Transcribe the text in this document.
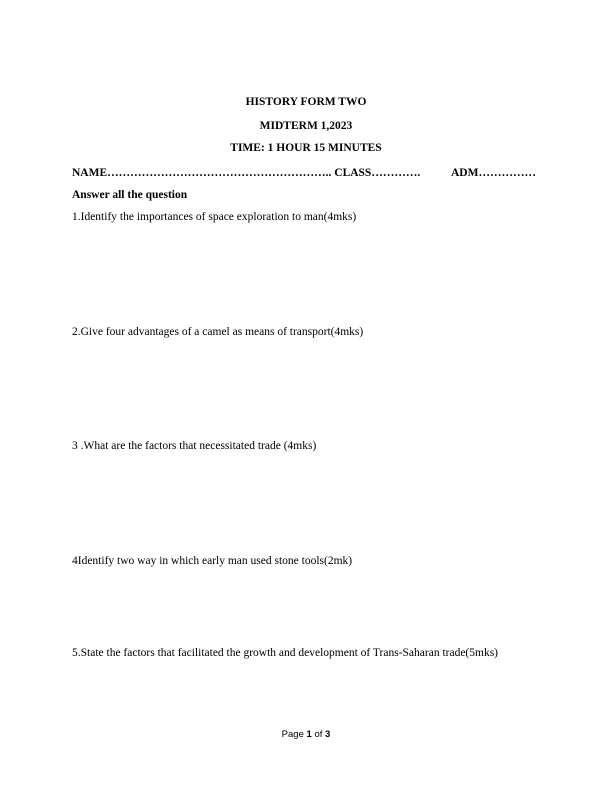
HISTORY FORM TWO
MIDTERM 1,2023
TIME: 1 HOUR 15 MINUTES
NAME………………………………………………….. CLASS………….	ADM……………
Answer all the question
1.Identify the importances of space exploration to man(4mks)
2.Give four advantages of a camel as means of transport(4mks)
3 .What are the factors that necessitated trade (4mks)
4Identify two way in which early man used stone tools(2mk)
5.State the factors that facilitated the growth and development of Trans-Saharan trade(5mks)
Page 1 of 3
